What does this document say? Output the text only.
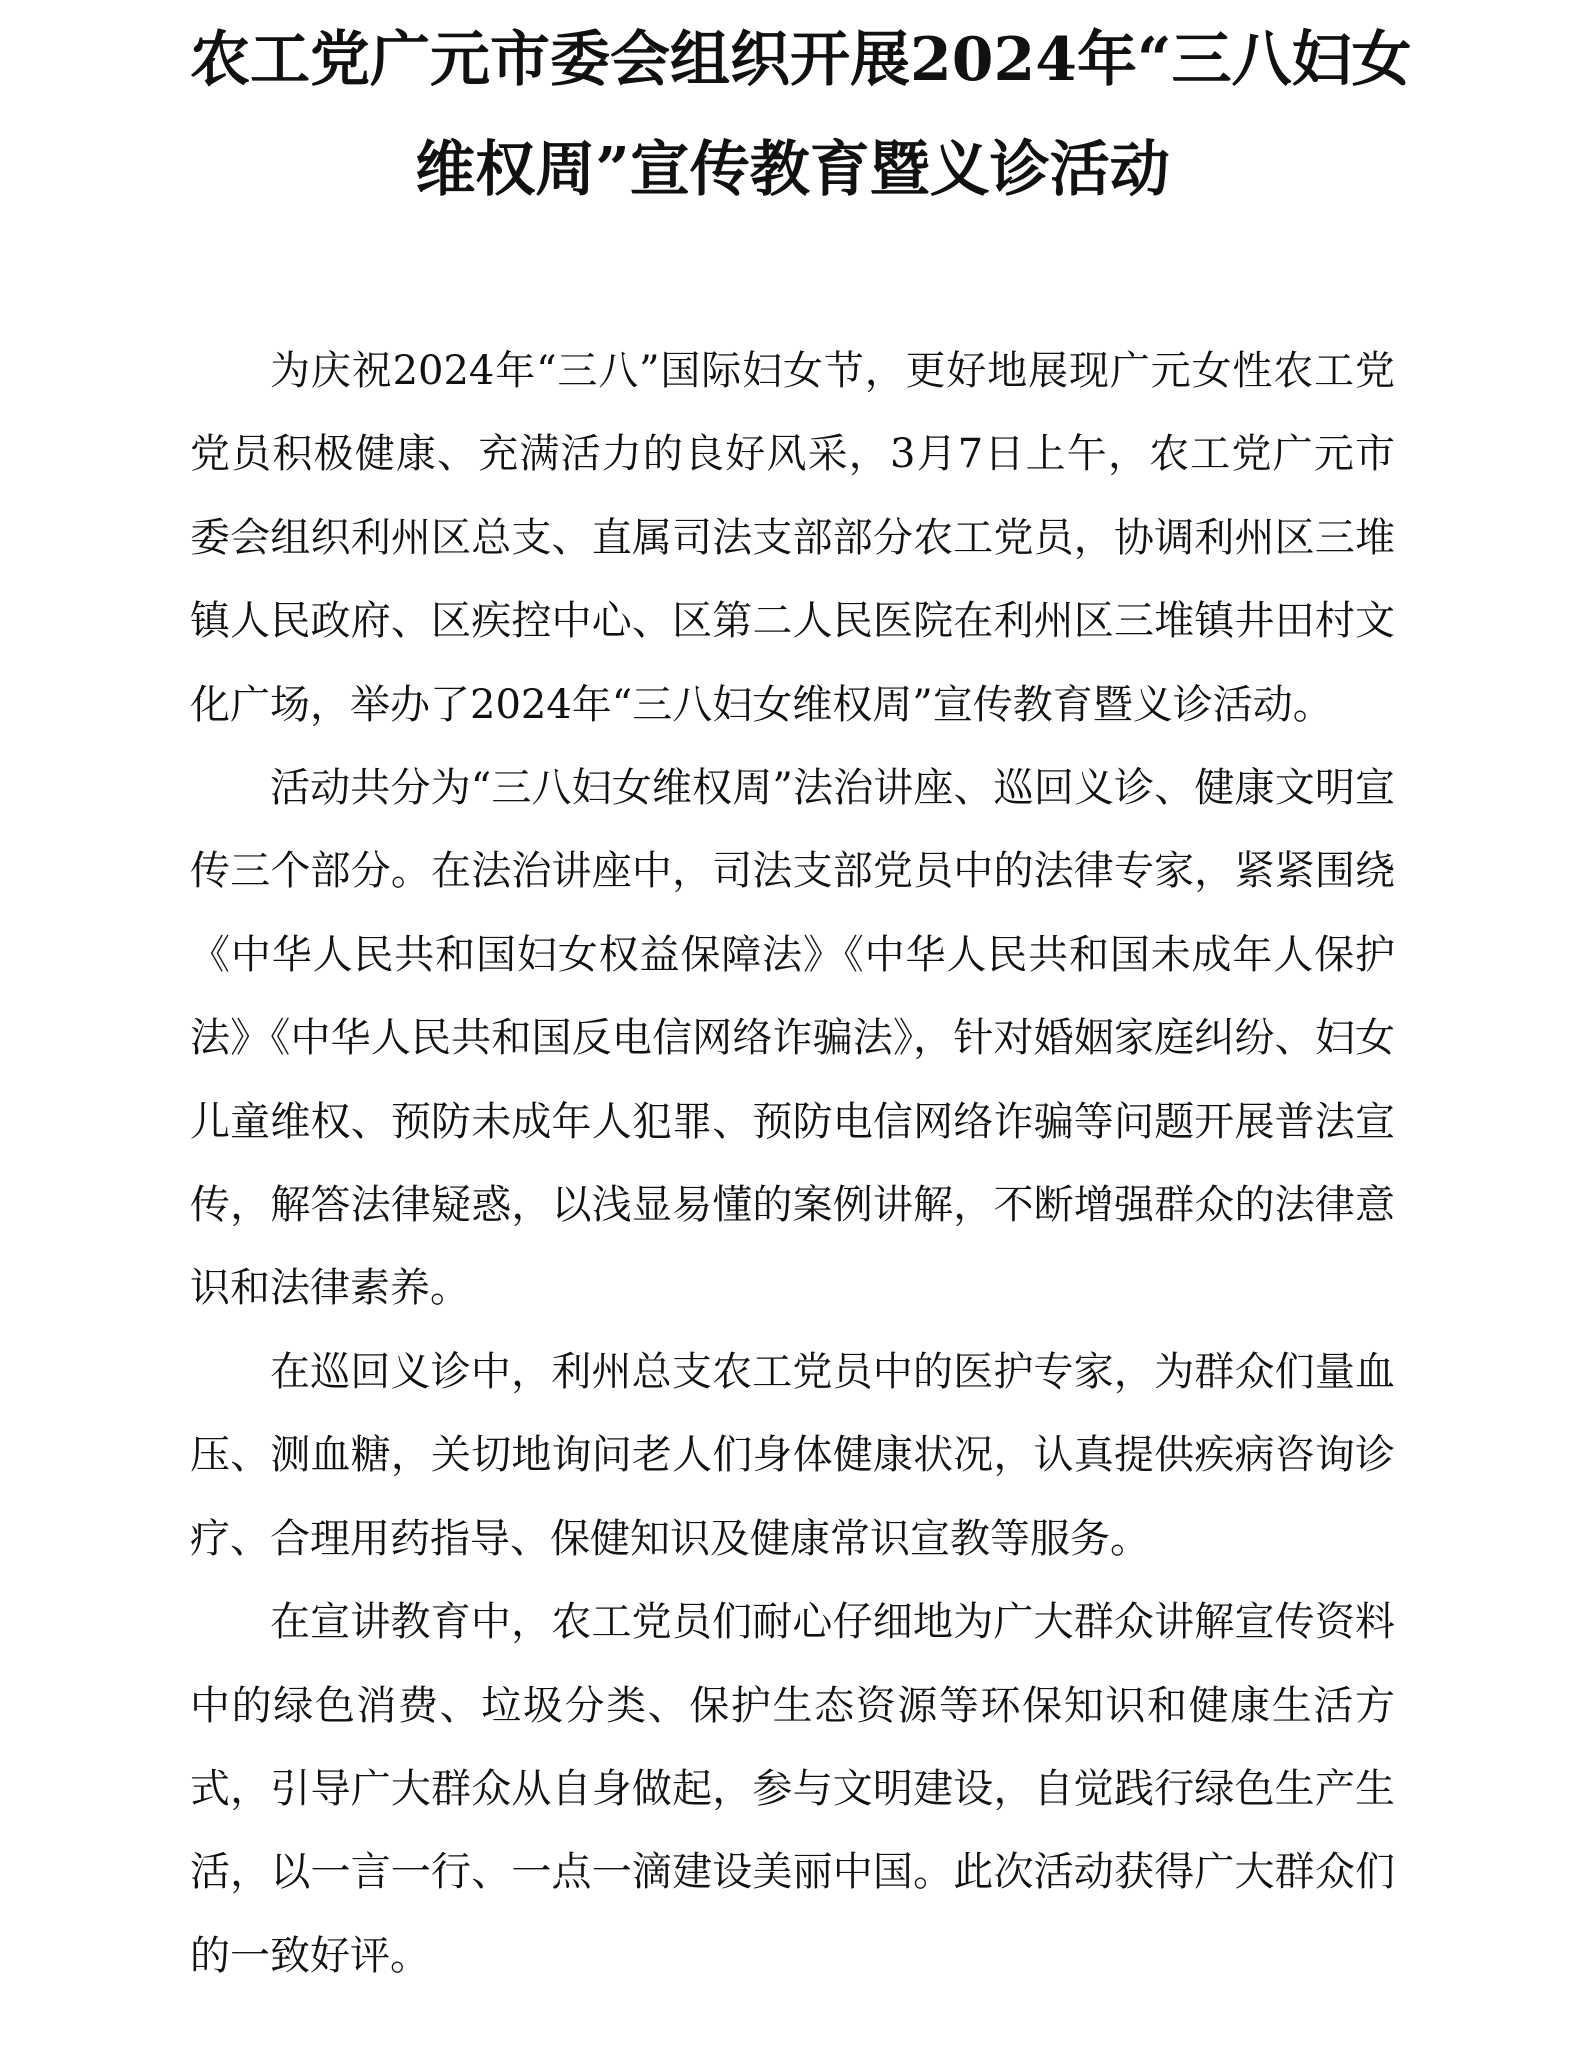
农工党广元市委会组织开展2024年“三八妇女
维权周”宣传教育暨义诊活动

为庆祝2024年“三八”国际妇女节，更好地展现广元女性农工党党员积极健康、充满活力的良好风采，3月7日上午，农工党广元市委会组织利州区总支、直属司法支部部分农工党员，协调利州区三堆镇人民政府、区疾控中心、区第二人民医院在利州区三堆镇井田村文化广场，举办了2024年“三八妇女维权周”宣传教育暨义诊活动。

活动共分为“三八妇女维权周”法治讲座、巡回义诊、健康文明宣传三个部分。在法治讲座中，司法支部党员中的法律专家，紧紧围绕《中华人民共和国妇女权益保障法》《中华人民共和国未成年人保护法》《中华人民共和国反电信网络诈骗法》，针对婚姻家庭纠纷、妇女儿童维权、预防未成年人犯罪、预防电信网络诈骗等问题开展普法宣传，解答法律疑惑，以浅显易懂的案例讲解，不断增强群众的法律意识和法律素养。

在巡回义诊中，利州总支农工党员中的医护专家，为群众们量血压、测血糖，关切地询问老人们身体健康状况，认真提供疾病咨询诊疗、合理用药指导、保健知识及健康常识宣教等服务。

在宣讲教育中，农工党员们耐心仔细地为广大群众讲解宣传资料中的绿色消费、垃圾分类、保护生态资源等环保知识和健康生活方式，引导广大群众从自身做起，参与文明建设，自觉践行绿色生产生活，以一言一行、一点一滴建设美丽中国。此次活动获得广大群众们的一致好评。
